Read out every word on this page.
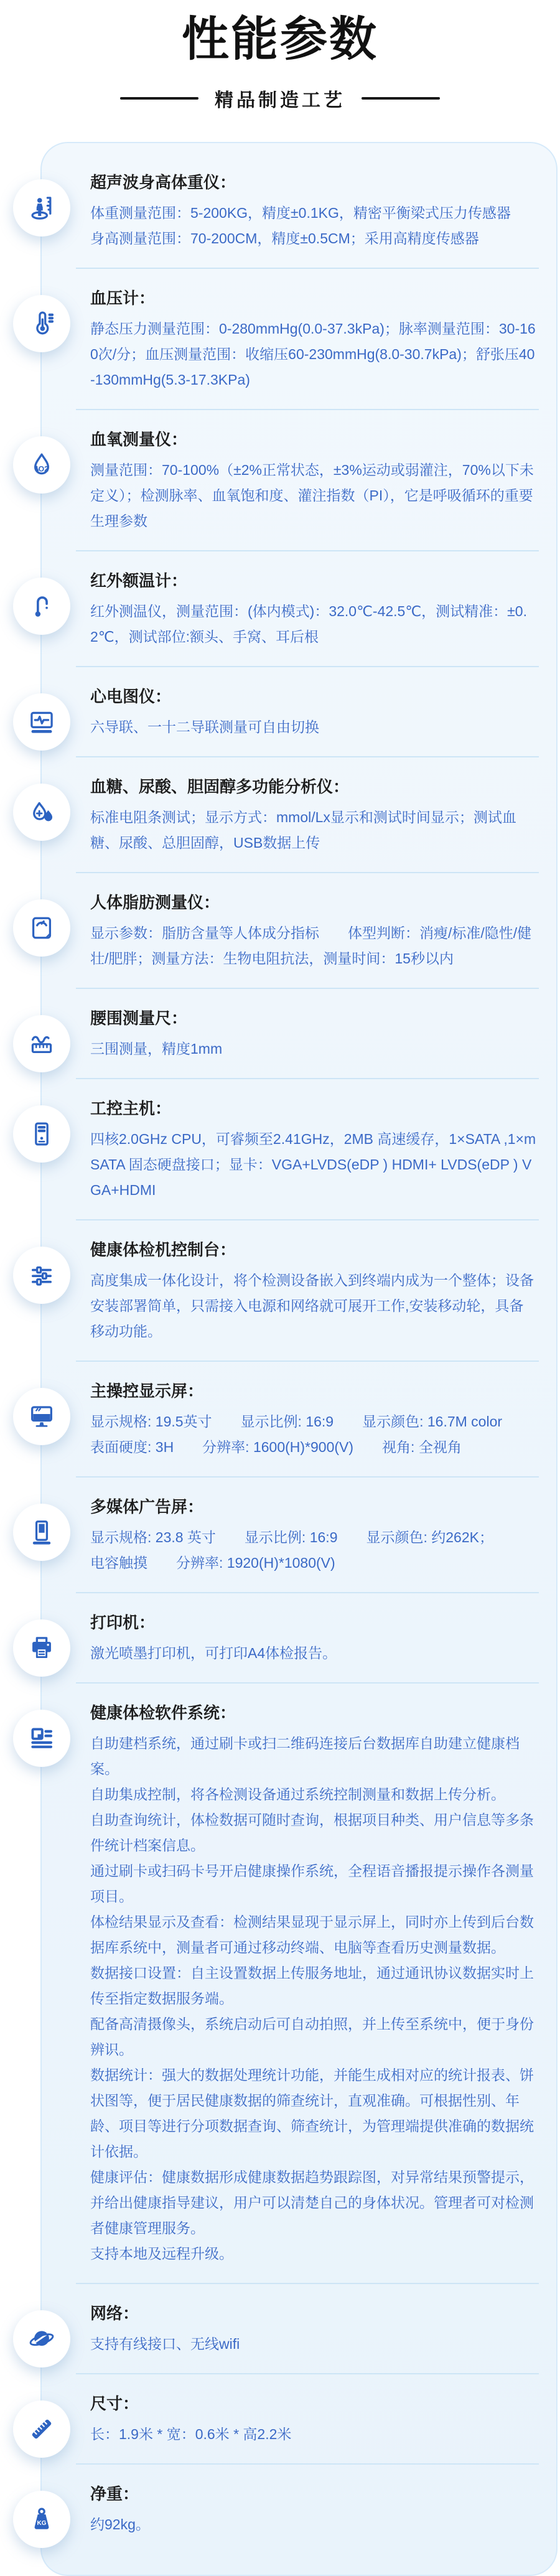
性能参数
精品制造工艺
超声波身高体重仪：

体重测量范围：5-200KG，精度±0.1KG，精密平衡梁式压力传感器

身高测量范围：70-200CM，精度±0.5CM；采用高精度传感器

血压计：

静态压力测量范围：0-280mmHg(0.0-37.3kPa)；脉率测量范围：30-160次/分；血压测量范围：收缩压60-230mmHg(8.0-30.7kPa)；舒张压40-130mmHg(5.3-17.3KPa)

O2
血氧测量仪：

测量范围：70-100%（±2%正常状态，±3%运动或弱灌注，70%以下未定义）；检测脉率、血氧饱和度、灌注指数（PI），它是呼吸循环的重要生理参数

红外额温计：

红外测温仪，测量范围：(体内模式)：32.0℃-42.5℃，测试精准：±0.2℃，测试部位:额头、手窝、耳后根

心电图仪：

六导联、一十二导联测量可自由切换

血糖、尿酸、胆固醇多功能分析仪：

标准电阻条测试；显示方式：mmol/Lx显示和测试时间显示；测试血糖、尿酸、总胆固醇，USB数据上传

人体脂肪测量仪：

显示参数：脂肪含量等人体成分指标　　体型判断：消瘦/标准/隐性/健壮/肥胖；测量方法：生物电阻抗法，测量时间：15秒以内

腰围测量尺：

三围测量，精度1mm

工控主机：

四核2.0GHz CPU，可睿频至2.41GHz，2MB 高速缓存，1×SATA ,1×mSATA 固态硬盘接口；显卡：VGA+LVDS(eDP ) HDMI+ LVDS(eDP ) VGA+HDMI

健康体检机控制台：

高度集成一体化设计，将个检测设备嵌入到终端内成为一个整体；设备安装部署简单，只需接入电源和网络就可展开工作,安装移动轮，具备移动功能。

主操控显示屏：

显示规格: 19.5英寸　　显示比例: 16:9　　显示颜色: 16.7M color

表面硬度: 3H　　分辨率: 1600(H)*900(V)　　视角: 全视角

多媒体广告屏：

显示规格: 23.8 英寸　　显示比例: 16:9　　显示颜色: 约262K；

电容触摸　　分辨率: 1920(H)*1080(V)

打印机：

激光喷墨打印机，可打印A4体检报告。

健康体检软件系统：

自助建档系统，通过刷卡或扫二维码连接后台数据库自助建立健康档案。

自助集成控制，将各检测设备通过系统控制测量和数据上传分析。

自助查询统计，体检数据可随时查询，根据项目种类、用户信息等多条件统计档案信息。

通过刷卡或扫码卡号开启健康操作系统，全程语音播报提示操作各测量项目。

体检结果显示及查看：检测结果显现于显示屏上，同时亦上传到后台数据库系统中，测量者可通过移动终端、电脑等查看历史测量数据。

数据接口设置：自主设置数据上传服务地址，通过通讯协议数据实时上传至指定数据服务端。

配备高清摄像头，系统启动后可自动拍照，并上传至系统中，便于身份辨识。

数据统计：强大的数据处理统计功能，并能生成相对应的统计报表、饼状图等，便于居民健康数据的筛查统计，直观准确。可根据性别、年龄、项目等进行分项数据查询、筛查统计，为管理端提供准确的数据统计依据。

健康评估：健康数据形成健康数据趋势跟踪图，对异常结果预警提示，并给出健康指导建议，用户可以清楚自己的身体状况。管理者可对检测者健康管理服务。

支持本地及远程升级。

网络：

支持有线接口、无线wifi

尺寸：

长：1.9米 * 宽：0.6米 * 高2.2米

KG
净重：

约92kg。
